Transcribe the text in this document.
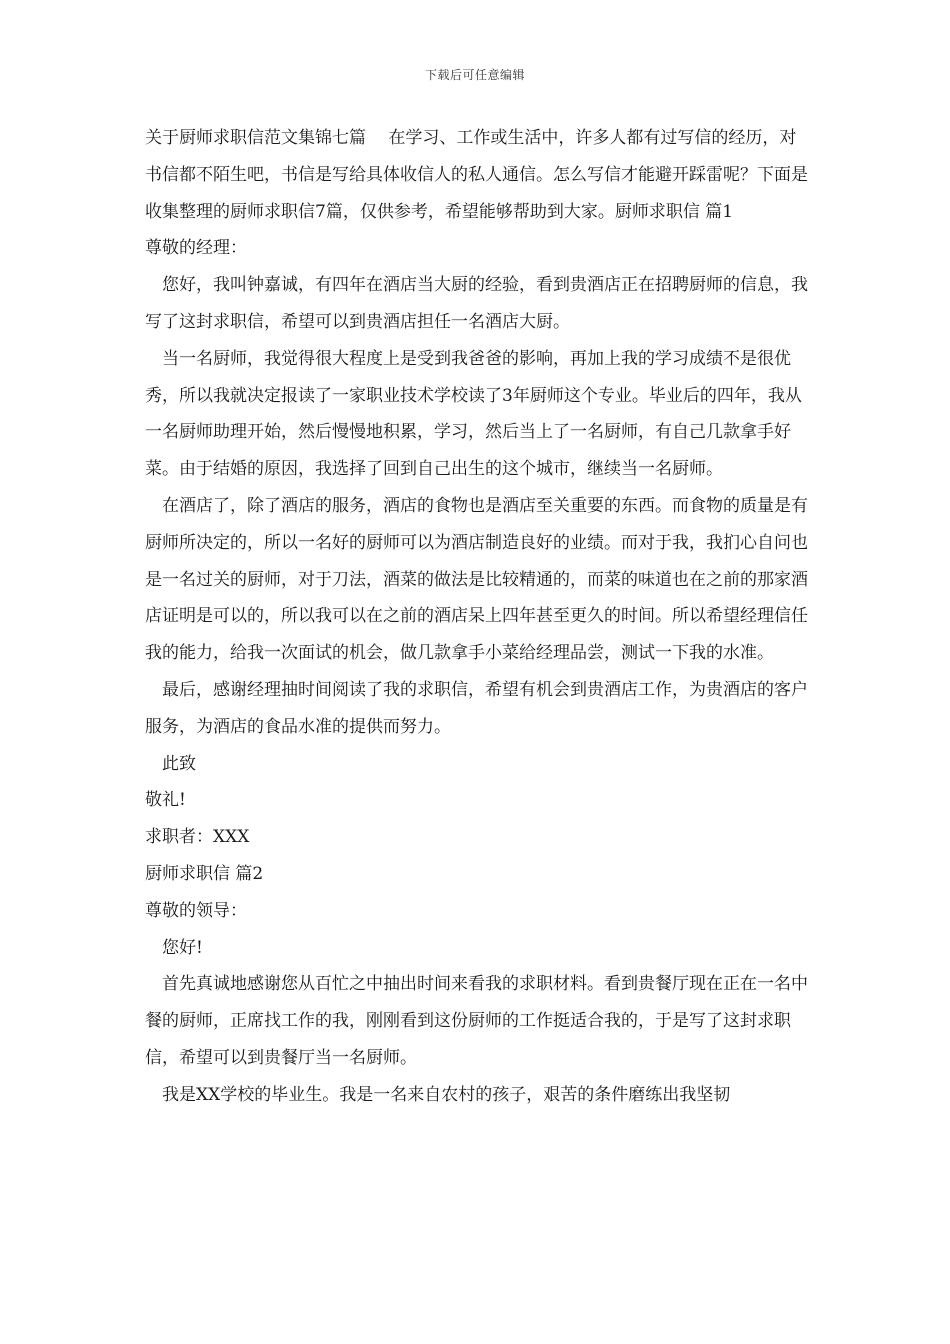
下载后可任意编辑

关于厨师求职信范文集锦七篇　 在学习、工作或生活中，许多人都有过写信的经历，对书信都不陌生吧，书信是写给具体收信人的私人通信。怎么写信才能避开踩雷呢？下面是收集整理的厨师求职信7篇，仅供参考，希望能够帮助到大家。厨师求职信 篇1

尊敬的经理：

您好，我叫钟嘉诚，有四年在酒店当大厨的经验，看到贵酒店正在招聘厨师的信息，我写了这封求职信，希望可以到贵酒店担任一名酒店大厨。

当一名厨师，我觉得很大程度上是受到我爸爸的影响，再加上我的学习成绩不是很优秀，所以我就决定报读了一家职业技术学校读了3年厨师这个专业。毕业后的四年，我从一名厨师助理开始，然后慢慢地积累，学习，然后当上了一名厨师，有自己几款拿手好菜。由于结婚的原因，我选择了回到自己出生的这个城市，继续当一名厨师。

在酒店了，除了酒店的服务，酒店的食物也是酒店至关重要的东西。而食物的质量是有厨师所决定的，所以一名好的厨师可以为酒店制造良好的业绩。而对于我，我扪心自问也是一名过关的厨师，对于刀法，酒菜的做法是比较精通的，而菜的味道也在之前的那家酒店证明是可以的，所以我可以在之前的酒店呆上四年甚至更久的时间。所以希望经理信任我的能力，给我一次面试的机会，做几款拿手小菜给经理品尝，测试一下我的水准。

最后，感谢经理抽时间阅读了我的求职信，希望有机会到贵酒店工作，为贵酒店的客户服务，为酒店的食品水准的提供而努力。

此致

敬礼!

求职者：XXX

厨师求职信 篇2

尊敬的领导：

您好!

首先真诚地感谢您从百忙之中抽出时间来看我的求职材料。看到贵餐厅现在正在一名中餐的厨师，正席找工作的我，刚刚看到这份厨师的工作挺适合我的，于是写了这封求职信，希望可以到贵餐厅当一名厨师。

我是XX学校的毕业生。我是一名来自农村的孩子，艰苦的条件磨练出我坚韧
